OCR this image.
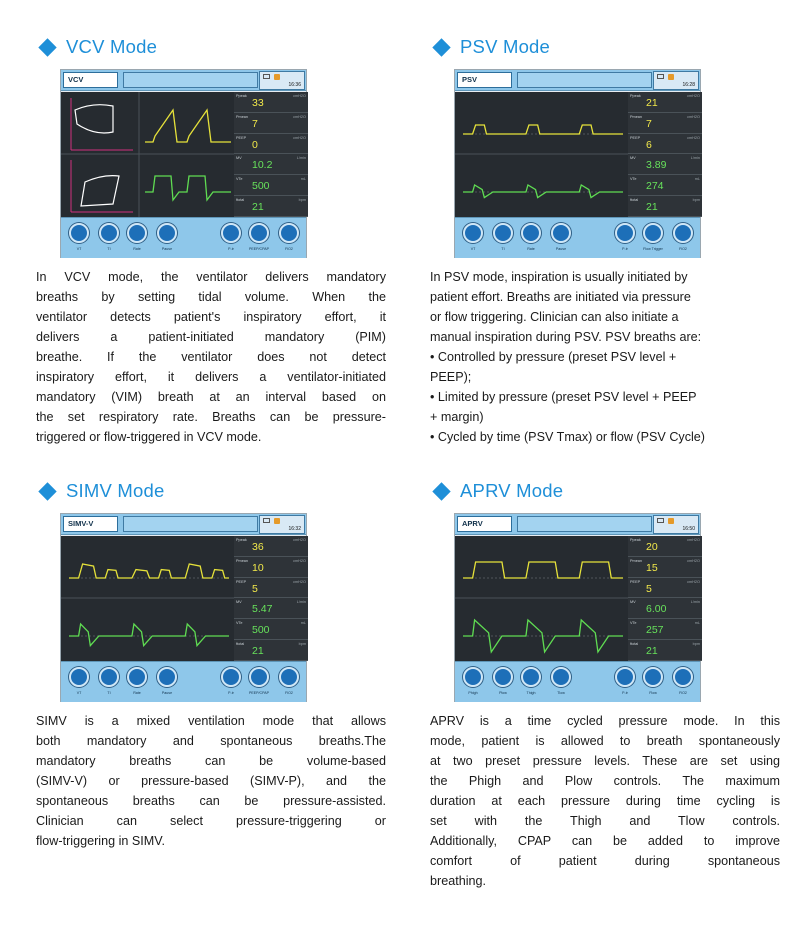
VCV Mode
VCV
16:36
Ppeak	cmH2O
33
Pmean	cmH2O
7
PEEP	cmH2O
0
MV	L/min
10.2
VTe	mL
500
ftotal	bpm
21
VT	TI	Rate	Pause	P-tr	PEEP/CPAP	FiO2
In VCV mode, the ventilator delivers mandatory
breaths by setting tidal volume. When the
ventilator detects patient's inspiratory effort, it
delivers a patient-initiated mandatory (PIM)
breathe. If the ventilator does not detect
inspiratory effort, it delivers a ventilator-initiated
mandatory (VIM) breath at an interval based on
the set respiratory rate. Breaths can be pressure-
triggered or flow-triggered in VCV mode.
PSV Mode
PSV
16:28
Ppeak	cmH2O
21
Pmean	cmH2O
7
PEEP	cmH2O
6
MV	L/min
3.89
VTe	mL
274
ftotal	bpm
21
VT	TI	Rate	Pause	P-tr	Flow Trigger	FiO2
In PSV mode, inspiration is usually initiated by
patient effort. Breaths are initiated via pressure
or flow triggering. Clinician can also initiate a
manual inspiration during PSV. PSV breaths are:
• Controlled by pressure (preset PSV level +
PEEP);
• Limited by pressure (preset PSV level + PEEP
+ margin)
• Cycled by time (PSV Tmax) or flow (PSV Cycle)
SIMV Mode
SIMV-V
16:32
Ppeak	cmH2O
36
Pmean	cmH2O
10
PEEP	cmH2O
5
MV	L/min
5.47
VTe	mL
500
ftotal	bpm
21
VT	TI	Rate	Pause	P-tr	PEEP/CPAP	FiO2
SIMV is a mixed ventilation mode that allows
both mandatory and spontaneous breaths.The
mandatory breaths can be volume-based
(SIMV-V) or pressure-based (SIMV-P), and the
spontaneous breaths can be pressure-assisted.
Clinician can select pressure-triggering or
flow-triggering in SIMV.
APRV Mode
APRV
16:50
Ppeak	cmH2O
20
Pmean	cmH2O
15
PEEP	cmH2O
5
MV	L/min
6.00
VTe	mL
257
ftotal	bpm
21
Phigh	Plow	Thigh	Tlow	P-tr	Flow	FiO2
APRV is a time cycled pressure mode. In this
mode, patient is allowed to breath spontaneously
at two preset pressure levels. These are set using
the Phigh and Plow controls. The maximum
duration at each pressure during time cycling is
set with the Thigh and Tlow controls.
Additionally, CPAP can be added to improve
comfort of patient during spontaneous
breathing.
